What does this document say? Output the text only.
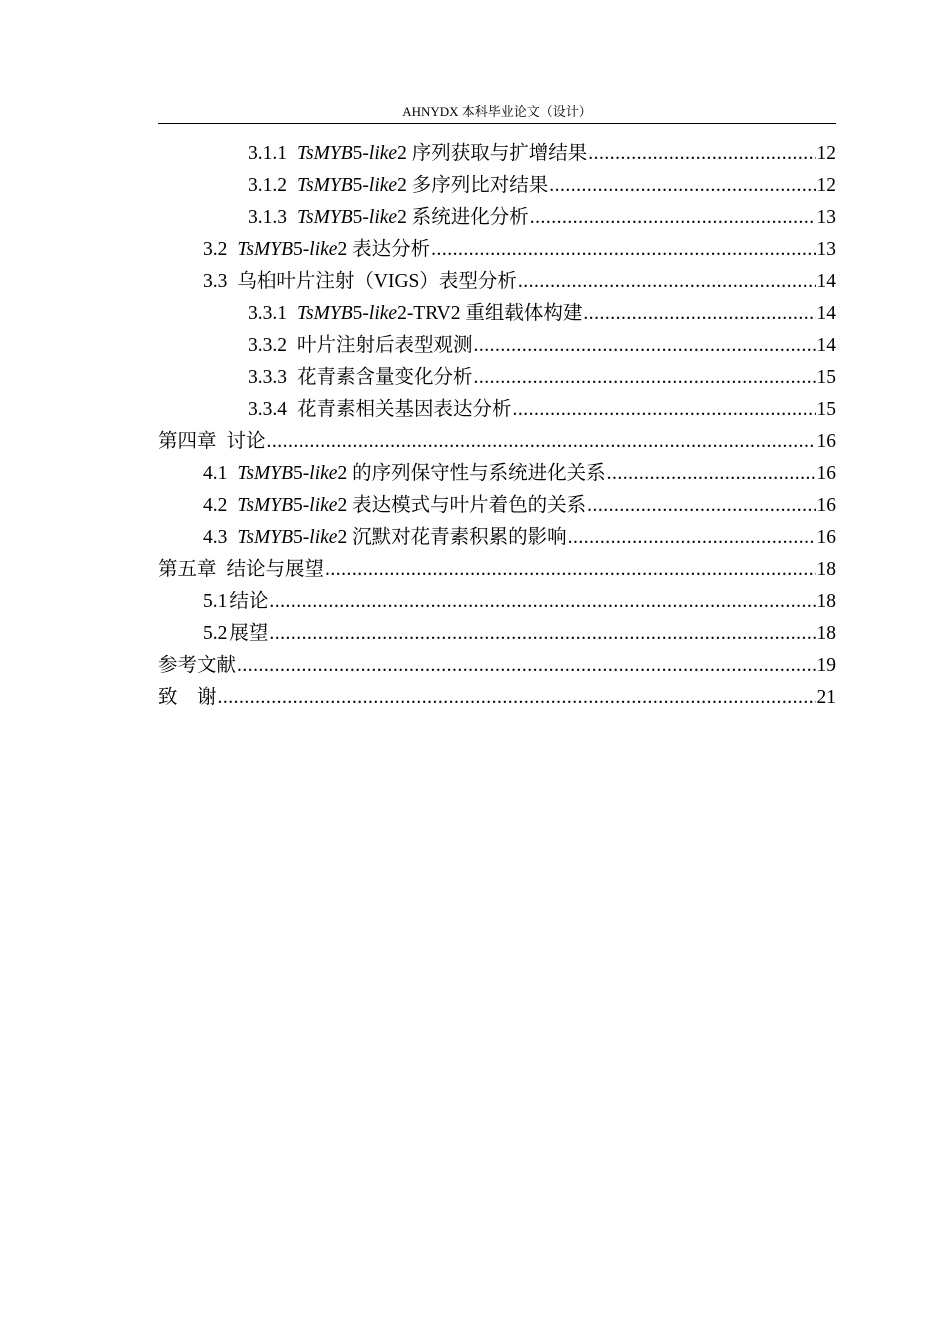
AHNYDX 本科毕业论文（设计）
3.1.1 TsMYB5-like2 序列获取与扩增结果 .....	12
3.1.2 TsMYB5-like2 多序列比对结果 .....	12
3.1.3 TsMYB5-like2 系统进化分析 .....	13
3.2 TsMYB5-like2 表达分析 .....	13
3.3 乌桕叶片注射（VIGS）表型分析 .....	14
3.3.1 TsMYB5-like2-TRV2 重组载体构建 .....	14
3.3.2 叶片注射后表型观测 .....	14
3.3.3 花青素含量变化分析 .....	15
3.3.4 花青素相关基因表达分析 .....	15
第四章 讨论 .....	16
4.1 TsMYB5-like2 的序列保守性与系统进化关系 .....	16
4.2 TsMYB5-like2 表达模式与叶片着色的关系 .....	16
4.3 TsMYB5-like2 沉默对花青素积累的影响 .....	16
第五章 结论与展望 .....	18
5.1 结论 .....	18
5.2 展望 .....	18
参考文献 .....	19
致　谢 .....	21
